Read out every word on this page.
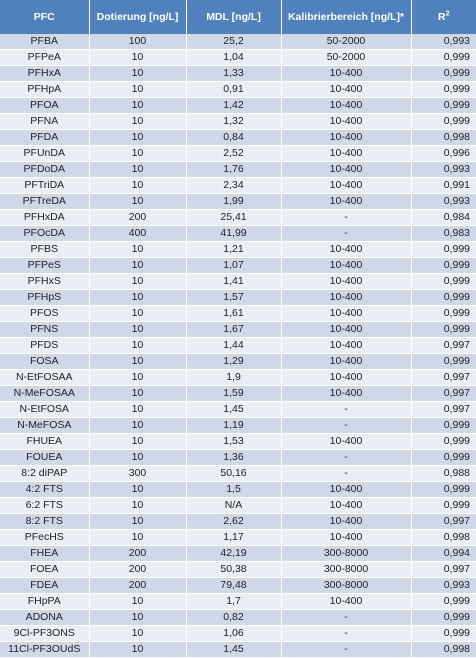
PFC	Dotierung [ng/L]	MDL [ng/L]	Kalibrierbereich [ng/L]*	$R^2$
PFBA	100	25,2	50-2000	0,993
PFPeA	10	1,04	50-2000	0,999
PFHxA	10	1,33	10-400	0,999
PFHpA	10	0,91	10-400	0,999
PFOA	10	1,42	10-400	0,999
PFNA	10	1,32	10-400	0,999
PFDA	10	0,84	10-400	0,998
PFUnDA	10	2,52	10-400	0,996
PFDoDA	10	1,76	10-400	0,993
PFTriDA	10	2,34	10-400	0,991
PFTreDA	10	1,99	10-400	0,993
PFHxDA	200	25,41	-	0,984
PFOcDA	400	41,99	-	0,983
PFBS	10	1,21	10-400	0,999
PFPeS	10	1,07	10-400	0,999
PFHxS	10	1,41	10-400	0,999
PFHpS	10	1,57	10-400	0,999
PFOS	10	1,61	10-400	0,999
PFNS	10	1,67	10-400	0,999
PFDS	10	1,44	10-400	0,997
FOSA	10	1,29	10-400	0,999
N-EtFOSAA	10	1,9	10-400	0,997
N-MeFOSAA	10	1,59	10-400	0,997
N-EtFOSA	10	1,45	-	0,997
N-MeFOSA	10	1,19	-	0,999
FHUEA	10	1,53	10-400	0,999
FOUEA	10	1,36	-	0,999
8:2 diPAP	300	50,16	-	0,988
4:2 FTS	10	1,5	10-400	0,999
6:2 FTS	10	N/A	10-400	0,999
8:2 FTS	10	2,62	10-400	0,997
PFecHS	10	1,17	10-400	0,998
FHEA	200	42,19	300-8000	0,994
FOEA	200	50,38	300-8000	0,997
FDEA	200	79,48	300-8000	0,993
FHpPA	10	1,7	10-400	0,999
ADONA	10	0,82	-	0,999
9Cl-PF3ONS	10	1,06	-	0,999
11Cl-PF3OUdS	10	1,45	-	0,998
